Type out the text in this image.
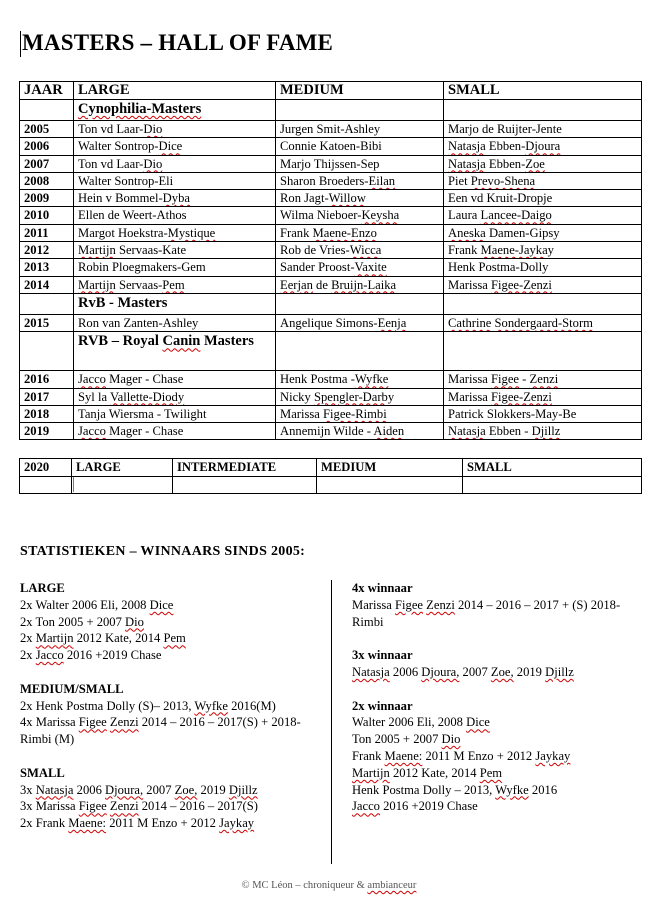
MASTERS – HALL OF FAME
JAAR	LARGE	MEDIUM	SMALL
	Cynophilia-Masters		
2005	Ton vd Laar-Dio	Jurgen Smit-Ashley	Marjo de Ruijter-Jente
2006	Walter Sontrop-Dice	Connie Katoen-Bibi	Natasja Ebben-Djoura
2007	Ton vd Laar-Dio	Marjo Thijssen-Sep	Natasja Ebben-Zoe
2008	Walter Sontrop-Eli	Sharon Broeders-Eilan	Piet Prevo-Shena
2009	Hein v Bommel-Dyba	Ron Jagt-Willow	Een vd Kruit-Dropje
2010	Ellen de Weert-Athos	Wilma Nieboer-Keysha	Laura Lancee-Daigo
2011	Margot Hoekstra-Mystique	Frank Maene-Enzo	Aneska Damen-Gipsy
2012	Martijn Servaas-Kate	Rob de Vries-Wicca	Frank Maene-Jaykay
2013	Robin Ploegmakers-Gem	Sander Proost-Vaxite	Henk Postma-Dolly
2014	Martijn Servaas-Pem	Eerjan de Bruijn-Laika	Marissa Figee-Zenzi
	RvB - Masters		
2015	Ron van Zanten-Ashley	Angelique Simons-Eenja	Cathrine Sondergaard-Storm
	RVB – Royal Canin Masters		
2016	Jacco Mager - Chase	Henk Postma -Wyfke	Marissa Figee - Zenzi
2017	Syl la Vallette-Diody	Nicky Spengler-Darby	Marissa Figee-Zenzi
2018	Tanja Wiersma - Twilight	Marissa Figee-Rimbi	Patrick Slokkers-May-Be
2019	Jacco Mager - Chase	Annemijn Wilde - Aiden	Natasja Ebben - Djillz
2020	LARGE	INTERMEDIATE	MEDIUM	SMALL

STATISTIEKEN – WINNAARS SINDS 2005:
LARGE

2x Walter 2006 Eli, 2008 Dice

2x Ton 2005 + 2007 Dio

2x Martijn 2012 Kate, 2014 Pem

2x Jacco 2016 +2019 Chase

MEDIUM/SMALL

2x Henk Postma Dolly (S)– 2013, Wyfke 2016(M)

4x Marissa Figee Zenzi 2014 – 2016 – 2017(S) + 2018-Rimbi (M)

SMALL

3x Natasja 2006 Djoura, 2007 Zoe, 2019 Djillz

3x Marissa Figee Zenzi 2014 – 2016 – 2017(S)

2x Frank Maene: 2011 M Enzo + 2012 Jaykay

4x winnaar

Marissa Figee Zenzi 2014 – 2016 – 2017 + (S) 2018-Rimbi

3x winnaar

Natasja 2006 Djoura, 2007 Zoe, 2019 Djillz

2x winnaar

Walter 2006 Eli, 2008 Dice

Ton 2005 + 2007 Dio

Frank Maene: 2011 M Enzo + 2012 Jaykay

Martijn 2012 Kate, 2014 Pem

Henk Postma Dolly – 2013, Wyfke 2016

Jacco 2016 +2019 Chase

© MC Léon – chroniqueur & ambianceur
